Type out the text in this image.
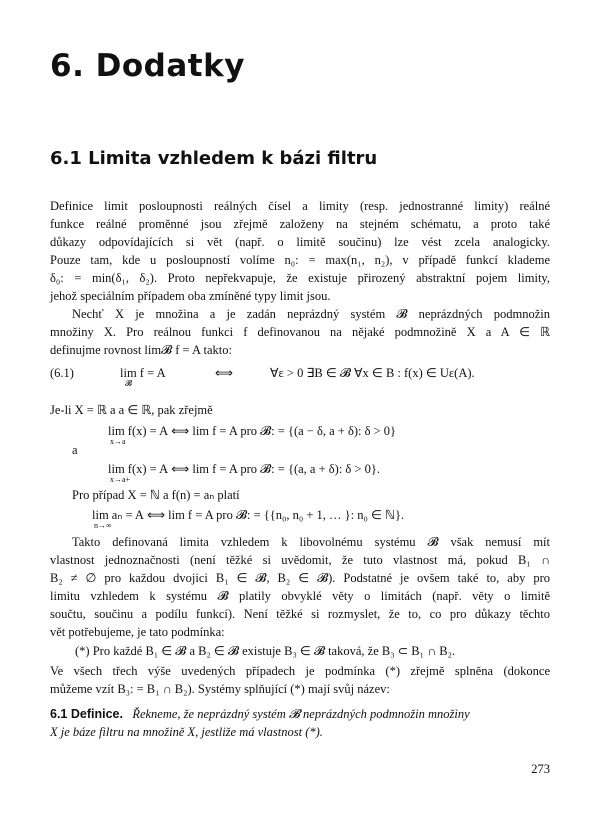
6. Dodatky
6.1 Limita vzhledem k bázi filtru
Definice limit posloupnosti reálných čísel a limity (resp. jednostranné limity) reálné
funkce reálné proměnné jsou zřejmě založeny na stejném schématu, a proto také
důkazy odpovídajících si vět (např. o limitě součinu) lze vést zcela analogicky.
Pouze tam, kde u posloupností volíme n₀: = max(n₁, n₂), v případě funkcí klademe
δ₀: = min(δ₁, δ₂). Proto nepřekvapuje, že existuje přirozený abstraktní pojem limity,
jehož speciálním případem oba zmíněné typy limit jsou.
Nechť X je množina a je zadán neprázdný systém 𝓑 neprázdných podmnožin
množiny X. Pro reálnou funkci f definovanou na nějaké podmnožině X a A ∈ ℝ
definujme rovnost lim𝓑 f = A takto:
(6.1)	lim f = A
𝓑
⟺	∀ε > 0 ∃B ∈ 𝓑 ∀x ∈ B : f(x) ∈ Uε(A).
Je-li X = ℝ a a ∈ ℝ, pak zřejmě
lim f(x) = A
x→a
⟺ lim f = A pro 𝓑: = {(a − δ, a + δ): δ > 0}
a
lim f(x) = A
x→a+
⟺ lim f = A pro 𝓑: = {(a, a + δ): δ > 0}.
Pro případ X = ℕ a f(n) = aₙ platí
lim aₙ = A
n→∞
⟺ lim f = A pro 𝓑: = {{n₀, n₀ + 1, … }: n₀ ∈ ℕ}.
Takto definovaná limita vzhledem k libovolnému systému 𝓑 však nemusí mít
vlastnost jednoznačnosti (není těžké si uvědomit, že tuto vlastnost má, pokud B₁ ∩
B₂ ≠ ∅ pro každou dvojici B₁ ∈ 𝓑, B₂ ∈ 𝓑). Podstatné je ovšem také to, aby pro
limitu vzhledem k systému 𝓑 platily obvyklé věty o limitách (např. věty o limitě
součtu, součinu a podílu funkcí). Není těžké si rozmyslet, že to, co pro důkazy těchto
vět potřebujeme, je tato podmínka:
(*) Pro každé B₁ ∈ 𝓑 a B₂ ∈ 𝓑 existuje B₃ ∈ 𝓑 taková, že B₃ ⊂ B₁ ∩ B₂.
Ve všech třech výše uvedených případech je podmínka (*) zřejmě splněna (dokonce
můžeme vzít B₃: = B₁ ∩ B₂). Systémy splňující (*) mají svůj název:
6.1 Definice. Řekneme, že neprázdný systém 𝓑 neprázdných podmnožin množiny
X je báze filtru na množině X, jestliže má vlastnost (*).
273
